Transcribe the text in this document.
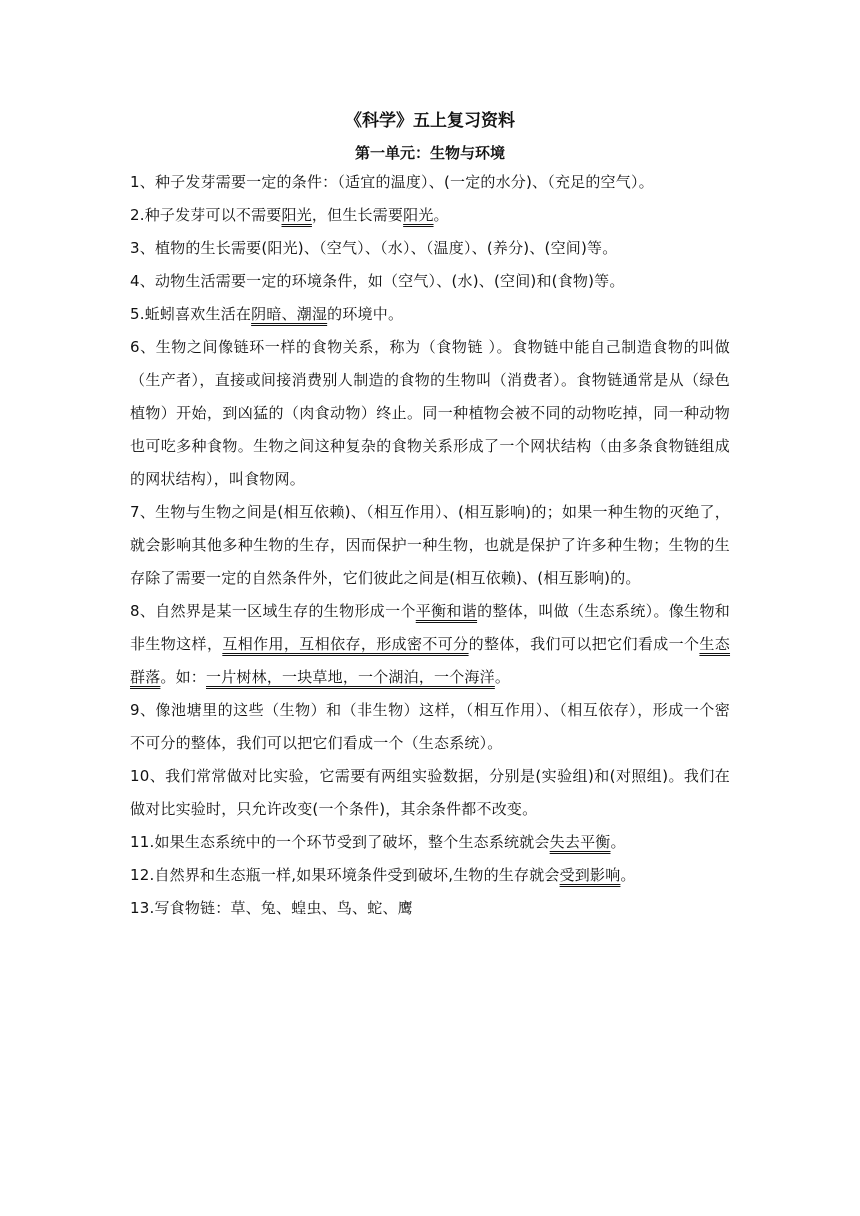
《科学》五上复习资料
第一单元：生物与环境

1、种子发芽需要一定的条件：（适宜的温度）、(一定的水分)、（充足的空气）。

2.种子发芽可以不需要阳光，但生长需要阳光。

3、植物的生长需要(阳光)、（空气）、（水）、（温度）、(养分)、(空间)等。

4、动物生活需要一定的环境条件，如（空气）、(水)、(空间)和(食物)等。

5.蚯蚓喜欢生活在阴暗、潮湿的环境中。

6、生物之间像链环一样的食物关系，称为（食物链 ）。食物链中能自己制造食物的叫做（生产者），直接或间接消费别人制造的食物的生物叫（消费者）。食物链通常是从（绿色植物）开始，到凶猛的（肉食动物）终止。同一种植物会被不同的动物吃掉，同一种动物也可吃多种食物。生物之间这种复杂的食物关系形成了一个网状结构（由多条食物链组成的网状结构），叫食物网。

7、生物与生物之间是(相互依赖)、（相互作用）、(相互影响)的；如果一种生物的灭绝了，就会影响其他多种生物的生存，因而保护一种生物，也就是保护了许多种生物；生物的生存除了需要一定的自然条件外，它们彼此之间是(相互依赖)、(相互影响)的。

8、自然界是某一区域生存的生物形成一个平衡和谐的整体，叫做（生态系统）。像生物和非生物这样，互相作用，互相依存，形成密不可分的整体，我们可以把它们看成一个生态群落。如：一片树林，一块草地，一个湖泊，一个海洋。

9、像池塘里的这些（生物）和（非生物）这样，（相互作用）、（相互依存），形成一个密不可分的整体，我们可以把它们看成一个（生态系统）。

10、我们常常做对比实验，它需要有两组实验数据，分别是(实验组)和(对照组)。我们在做对比实验时，只允许改变(一个条件)，其余条件都不改变。

11.如果生态系统中的一个环节受到了破坏，整个生态系统就会失去平衡。

12.自然界和生态瓶一样,如果环境条件受到破坏,生物的生存就会受到影响。

13.写食物链：草、兔、蝗虫、鸟、蛇、鹰
